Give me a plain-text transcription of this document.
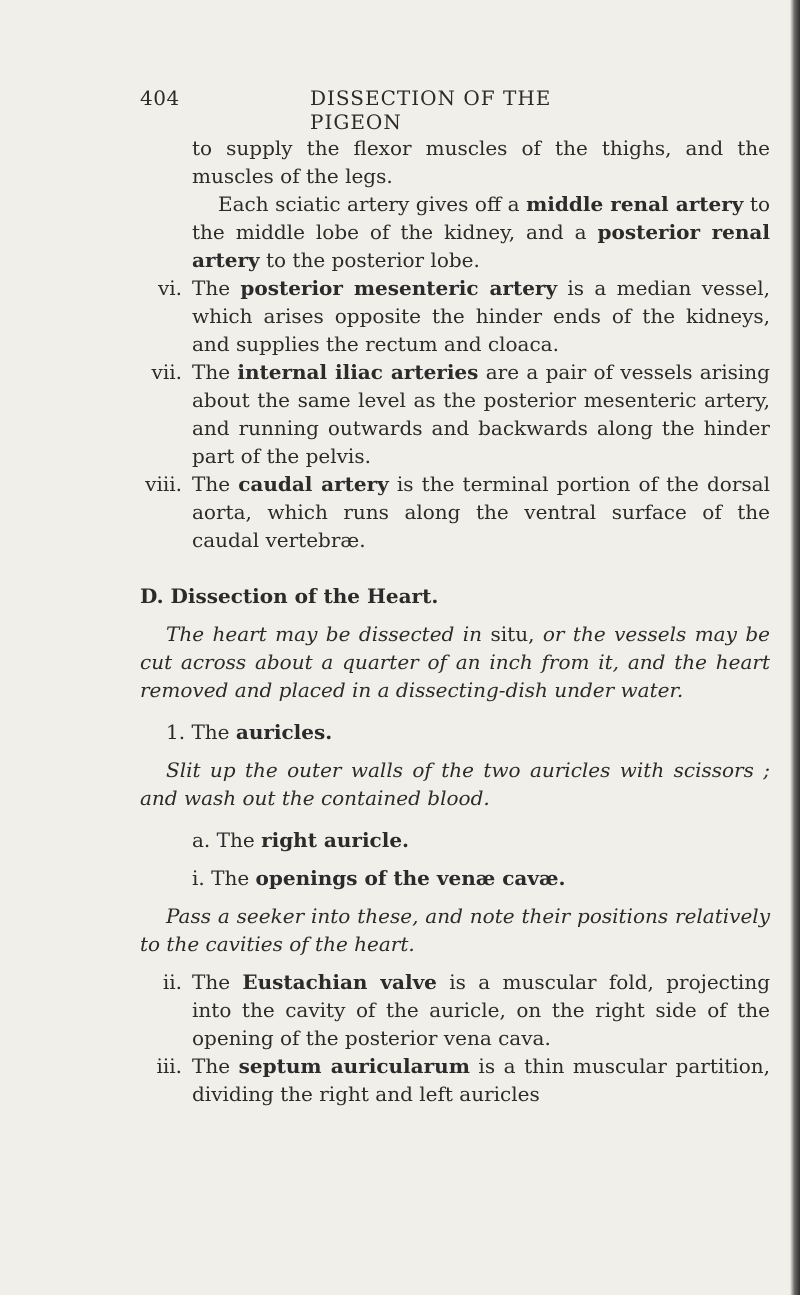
404	DISSECTION OF THE PIGEON

to supply the flexor muscles of the thighs, and the muscles of the legs.

Each sciatic artery gives off a middle renal artery to the middle lobe of the kidney, and a posterior renal artery to the posterior lobe.

vi. The posterior mesenteric artery is a median vessel, which arises opposite the hinder ends of the kidneys, and supplies the rectum and cloaca.

vii. The internal iliac arteries are a pair of vessels arising about the same level as the posterior mesenteric artery, and running outwards and backwards along the hinder part of the pelvis.

viii. The caudal artery is the terminal portion of the dorsal aorta, which runs along the ventral surface of the caudal vertebræ.

D. Dissection of the Heart.

The heart may be dissected in situ, or the vessels may be cut across about a quarter of an inch from it, and the heart removed and placed in a dissecting-dish under water.

1. The auricles.

Slit up the outer walls of the two auricles with scissors ; and wash out the contained blood.

a. The right auricle.

i. The openings of the venæ cavæ.

Pass a seeker into these, and note their positions relatively to the cavities of the heart.

ii. The Eustachian valve is a muscular fold, projecting into the cavity of the auricle, on the right side of the opening of the posterior vena cava.

iii. The septum auricularum is a thin muscular partition, dividing the right and left auricles
